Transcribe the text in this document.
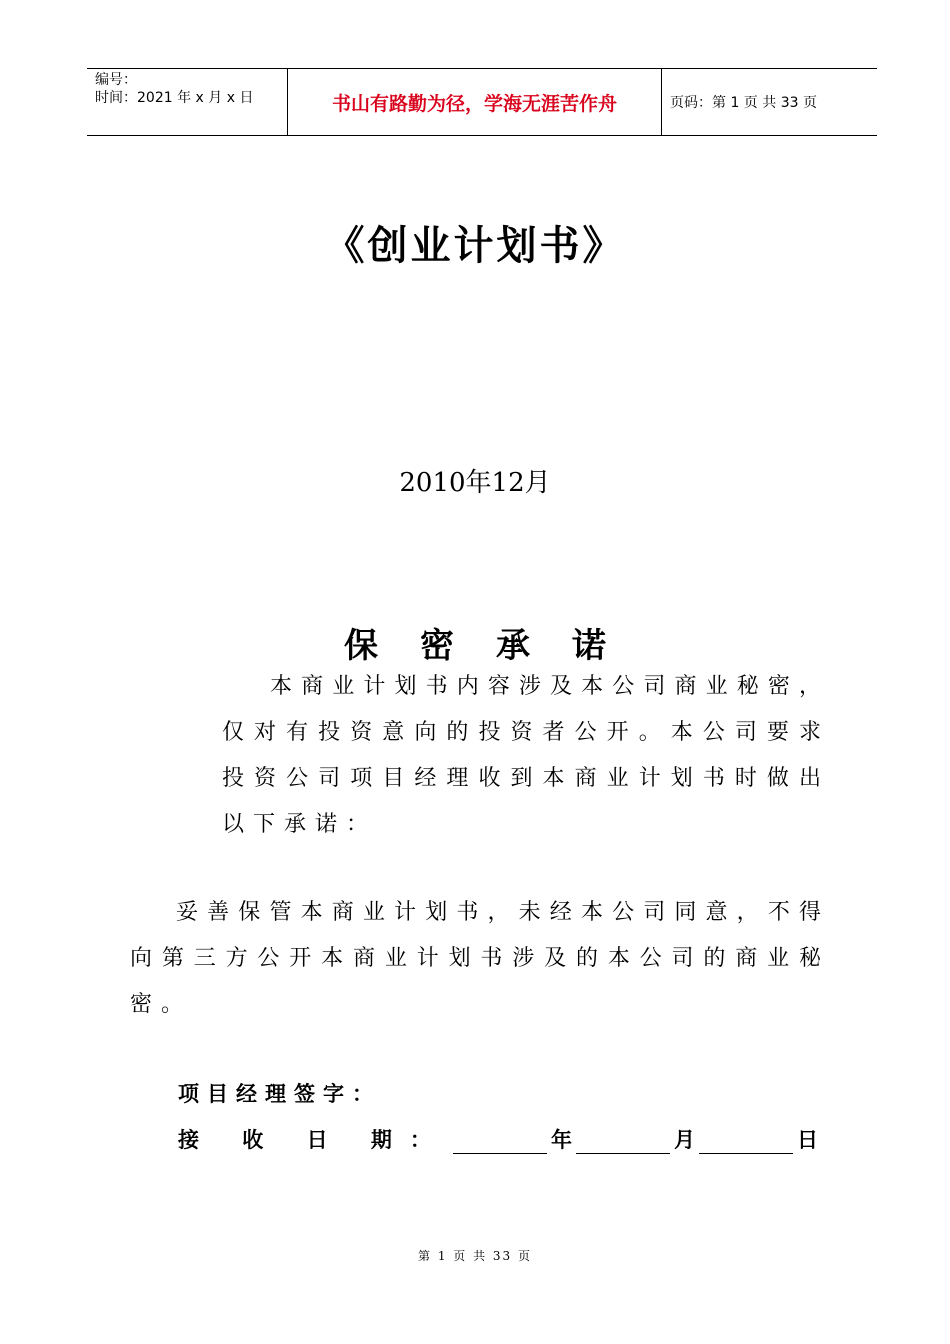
编号：
时间：2021 年 x 月 x 日	书山有路勤为径，学海无涯苦作舟	页码：第 1 页 共 33 页
《创业计划书》
2010年12月
保密承诺
本商业计划书内容涉及本公司商业秘密，仅对有投资意向的投资者公开。本公司要求投资公司项目经理收到本商业计划书时做出以下承诺：
妥善保管本商业计划书，未经本公司同意，不得向第三方公开本商业计划书涉及的本公司的商业秘密。
项目经理签字：
接 收 日 期：	年	月	日
第 1 页 共 33 页
